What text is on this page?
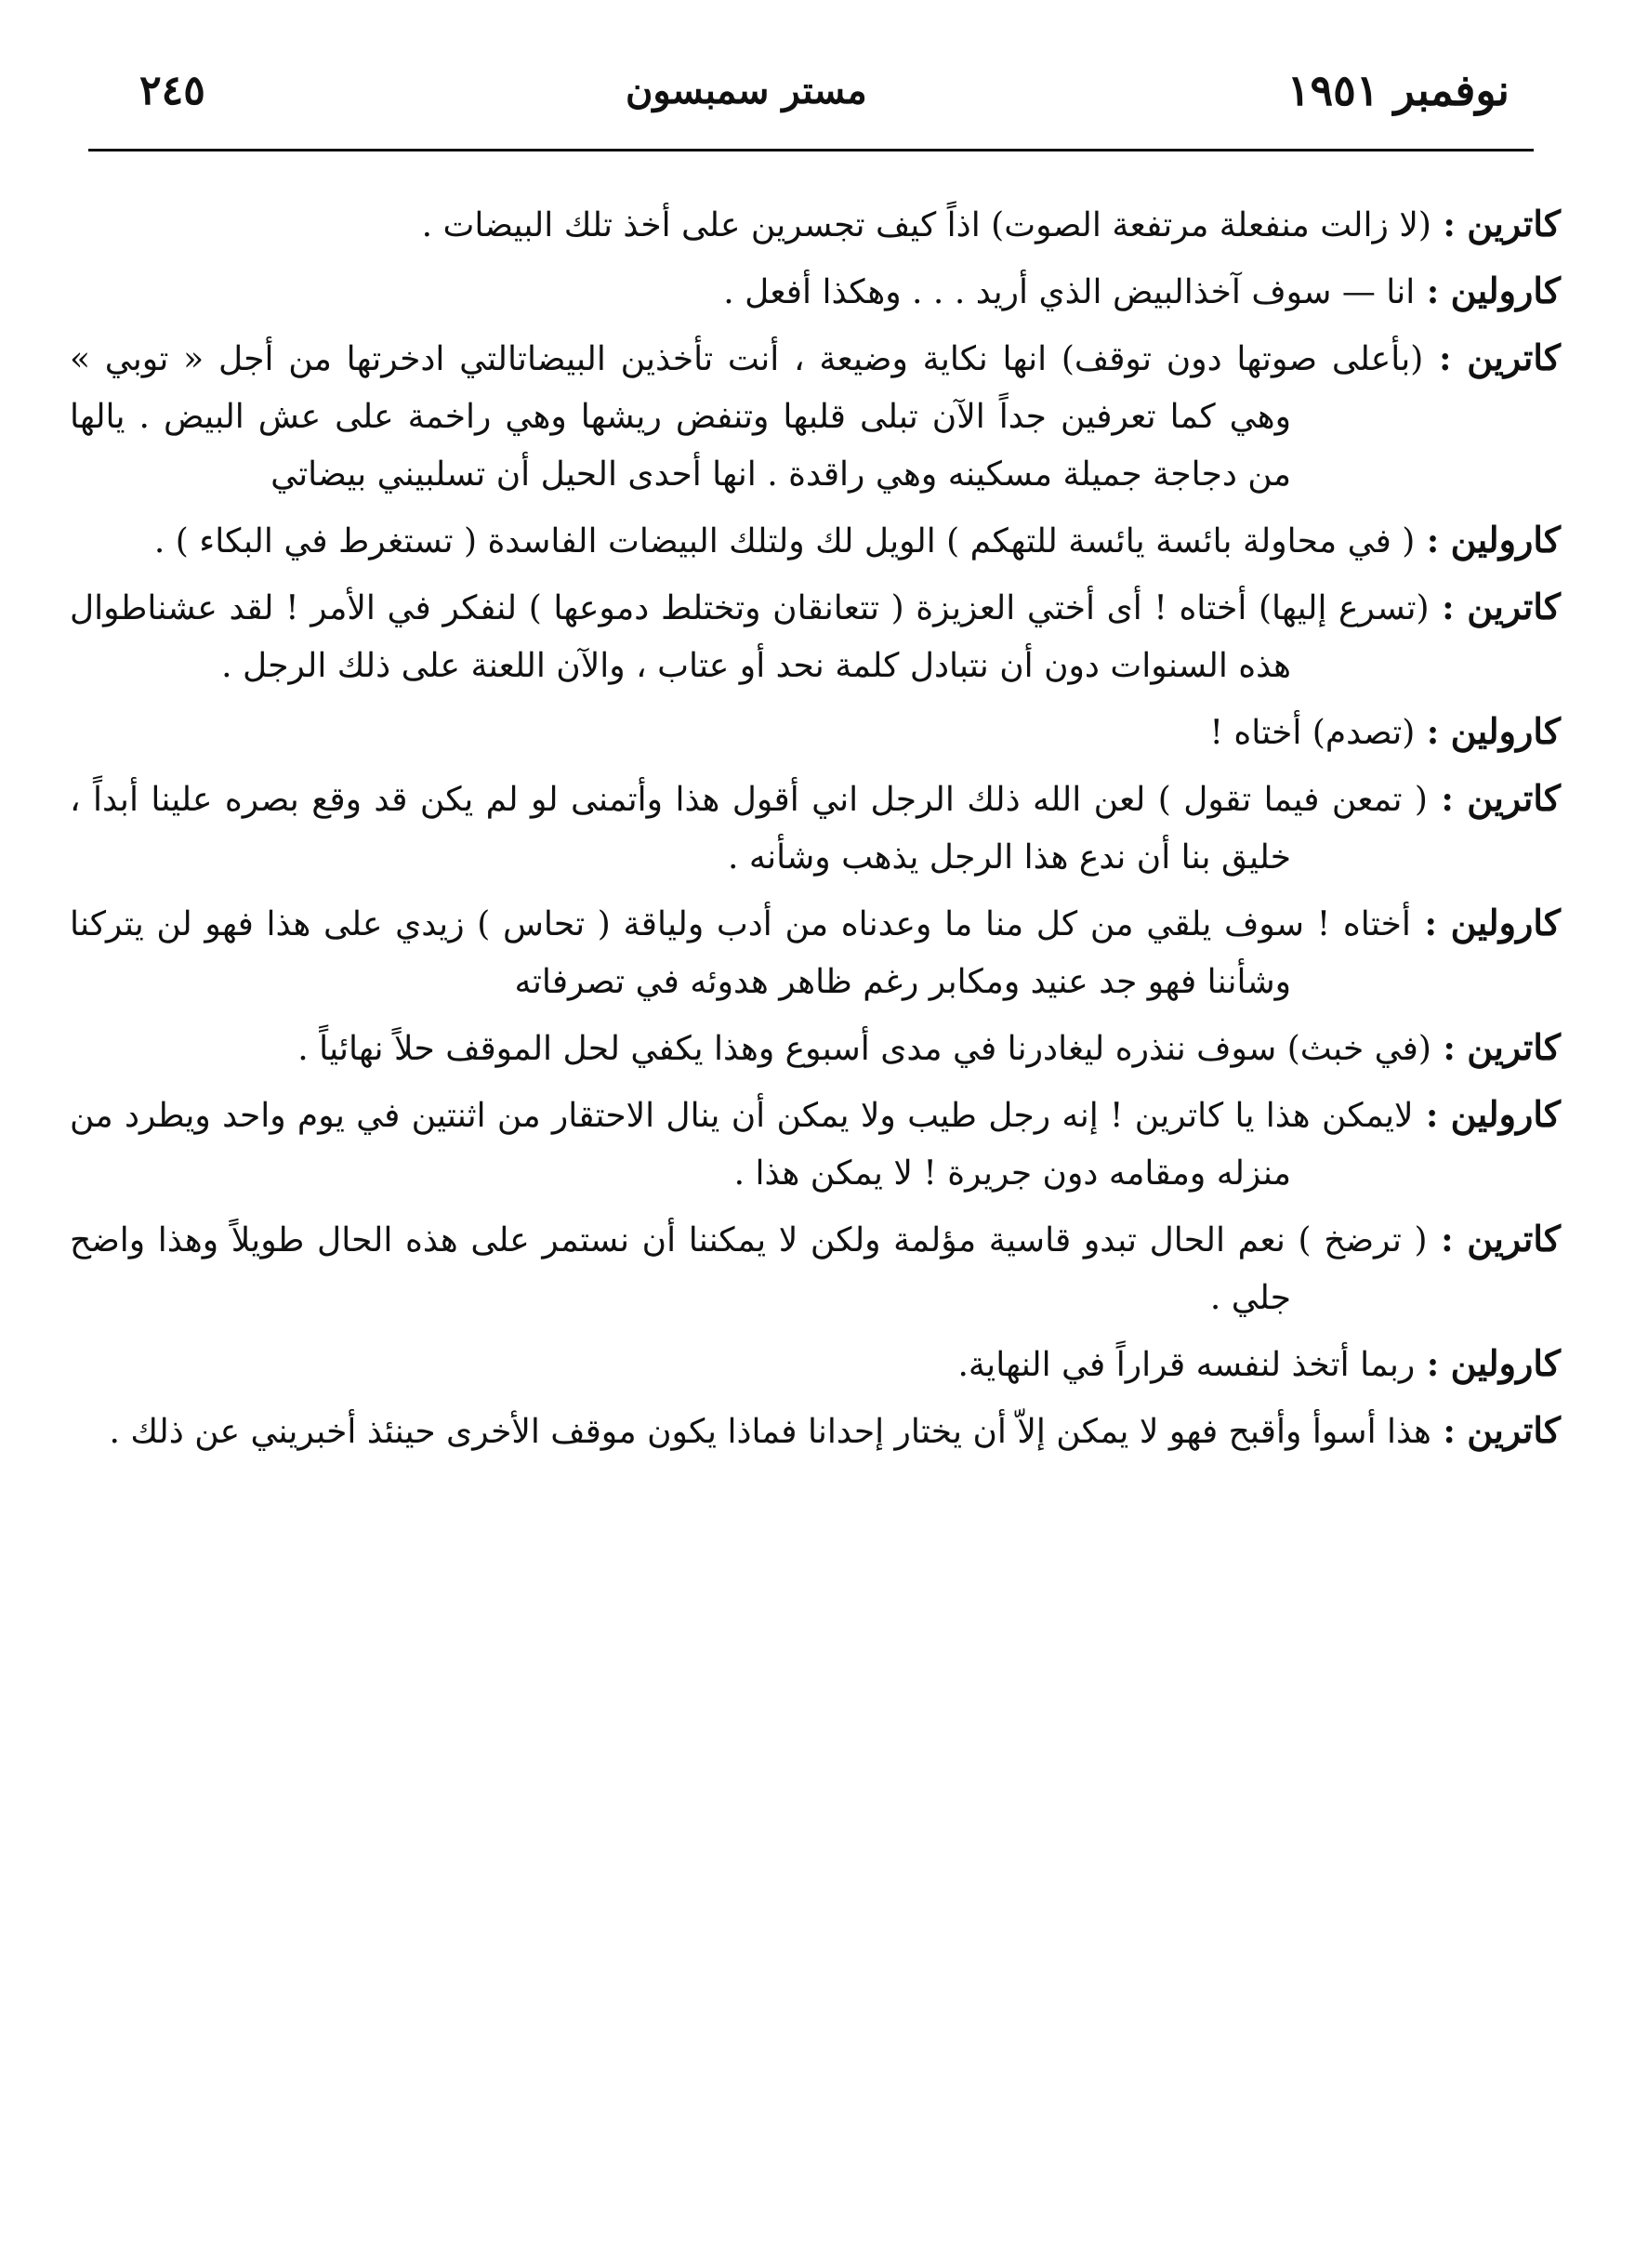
نوفمبر ١٩٥١
مستر سمبسون
٢٤٥

كاترين : (لا زالت منفعلة مرتفعة الصوت) اذاً كيف تجسرين على أخذ تلك البيضات .

كارولين : انا — سوف آخذالبيض الذي أريد . . . وهكذا أفعل .

كاترين : (بأعلى صوتها دون توقف) انها نكاية وضيعة ، أنت تأخذين البيضاتالتي ادخرتها من أجل « توبي » وهي كما تعرفين جداً الآن تبلى قلبها وتنفض ريشها وهي راخمة على عش البيض . يالها من دجاجة جميلة مسكينه وهي راقدة . انها أحدى الحيل أن تسلبيني بيضاتي

كارولين : ( في محاولة بائسة يائسة للتهكم ) الويل لك ولتلك البيضات الفاسدة ( تستغرط في البكاء ) .

كاترين : (تسرع إليها) أختاه ! أى أختي العزيزة ( تتعانقان وتختلط دموعها ) لنفكر في الأمر ! لقد عشناطوال هذه السنوات دون أن نتبادل كلمة نحد أو عتاب ، والآن اللعنة على ذلك الرجل .

كارولين : (تصدم) أختاه !

كاترين : ( تمعن فيما تقول ) لعن الله ذلك الرجل اني أقول هذا وأتمنى لو لم يكن قد وقع بصره علينا أبداً ، خليق بنا أن ندع هذا الرجل يذهب وشأنه .

كارولين : أختاه ! سوف يلقي من كل منا ما وعدناه من أدب ولياقة ( تحاس ) زيدي على هذا فهو لن يتركنا وشأننا فهو جد عنيد ومكابر رغم ظاهر هدوئه في تصرفاته

كاترين : (في خبث) سوف ننذره ليغادرنا في مدى أسبوع وهذا يكفي لحل الموقف حلاً نهائياً .

كارولين : لايمكن هذا يا كاترين ! إنه رجل طيب ولا يمكن أن ينال الاحتقار من اثنتين في يوم واحد ويطرد من منزله ومقامه دون جريرة ! لا يمكن هذا .

كاترين : ( ترضخ ) نعم الحال تبدو قاسية مؤلمة ولكن لا يمكننا أن نستمر على هذه الحال طويلاً وهذا واضح جلي .

كارولين : ربما أتخذ لنفسه قراراً في النهاية.

كاترين : هذا أسوأ وأقبح فهو لا يمكن إلاّ أن يختار إحدانا فماذا يكون موقف الأخرى حينئذ أخبريني عن ذلك .
